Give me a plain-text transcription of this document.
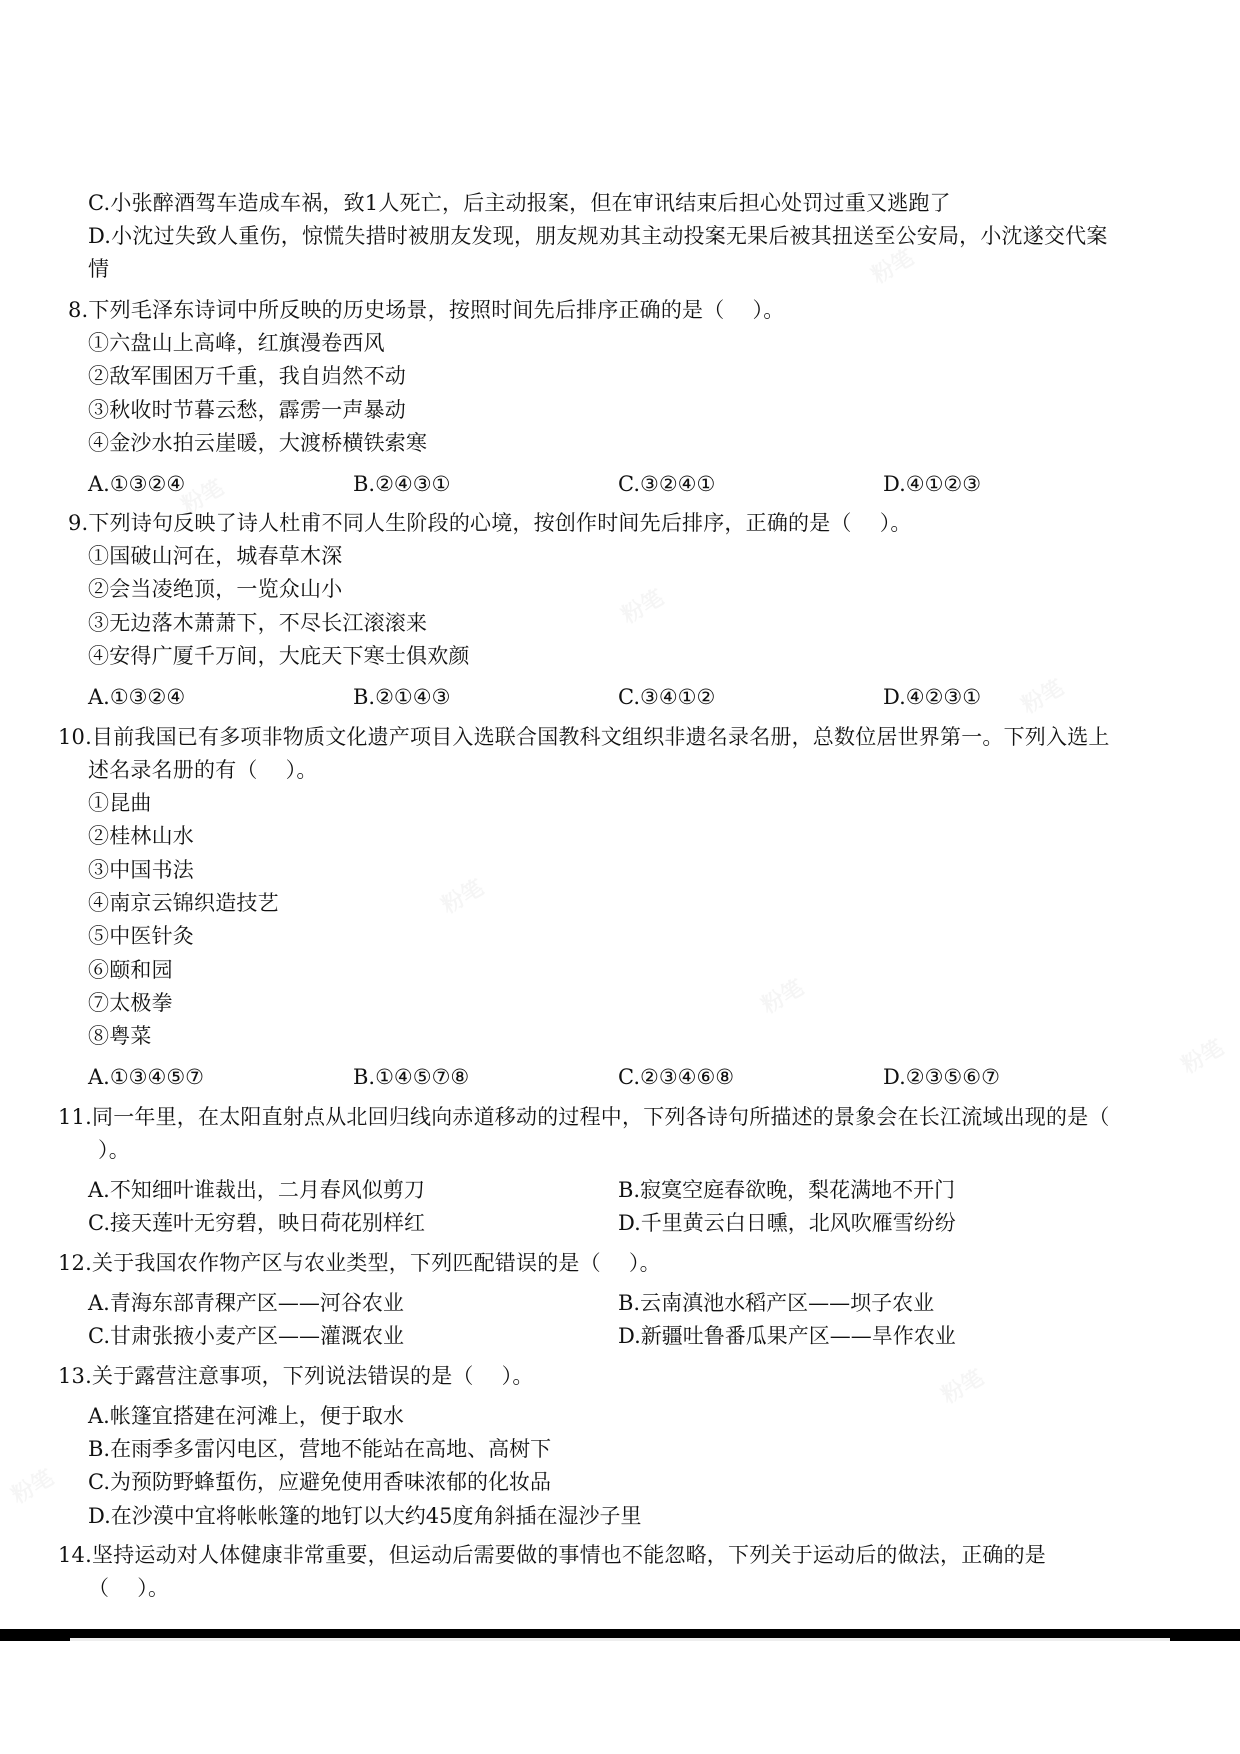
粉笔
粉笔
粉笔
粉笔
粉笔
粉笔
粉笔
粉笔
粉笔
C.小张醉酒驾车造成车祸，致1人死亡，后主动报案，但在审讯结束后担心处罚过重又逃跑了
D.小沈过失致人重伤，惊慌失措时被朋友发现，朋友规劝其主动投案无果后被其扭送至公安局，小沈遂交代案
情
8.下列毛泽东诗词中所反映的历史场景，按照时间先后排序正确的是（　 ）。
①六盘山上高峰，红旗漫卷西风
②敌军围困万千重，我自岿然不动
③秋收时节暮云愁，霹雳一声暴动
④金沙水拍云崖暖，大渡桥横铁索寒
A.①③②④	B.②④③①	C.③②④①	D.④①②③
9.下列诗句反映了诗人杜甫不同人生阶段的心境，按创作时间先后排序，正确的是（　 ）。
①国破山河在，城春草木深
②会当凌绝顶，一览众山小
③无边落木萧萧下，不尽长江滚滚来
④安得广厦千万间，大庇天下寒士俱欢颜
A.①③②④	B.②①④③	C.③④①②	D.④②③①
10.目前我国已有多项非物质文化遗产项目入选联合国教科文组织非遗名录名册，总数位居世界第一。下列入选上
述名录名册的有（　 ）。
①昆曲
②桂林山水
③中国书法
④南京云锦织造技艺
⑤中医针灸
⑥颐和园
⑦太极拳
⑧粤菜
A.①③④⑤⑦	B.①④⑤⑦⑧	C.②③④⑥⑧	D.②③⑤⑥⑦
11.同一年里，在太阳直射点从北回归线向赤道移动的过程中，下列各诗句所描述的景象会在长江流域出现的是（
）。
A.不知细叶谁裁出，二月春风似剪刀	B.寂寞空庭春欲晚，梨花满地不开门
C.接天莲叶无穷碧，映日荷花别样红	D.千里黄云白日曛，北风吹雁雪纷纷
12.关于我国农作物产区与农业类型，下列匹配错误的是（　 ）。
A.青海东部青稞产区——河谷农业	B.云南滇池水稻产区——坝子农业
C.甘肃张掖小麦产区——灌溉农业	D.新疆吐鲁番瓜果产区——旱作农业
13.关于露营注意事项，下列说法错误的是（　 ）。
A.帐篷宜搭建在河滩上，便于取水
B.在雨季多雷闪电区，营地不能站在高地、高树下
C.为预防野蜂蜇伤，应避免使用香味浓郁的化妆品
D.在沙漠中宜将帐帐篷的地钉以大约45度角斜插在湿沙子里
14.坚持运动对人体健康非常重要，但运动后需要做的事情也不能忽略，下列关于运动后的做法，正确的是
（　 ）。
